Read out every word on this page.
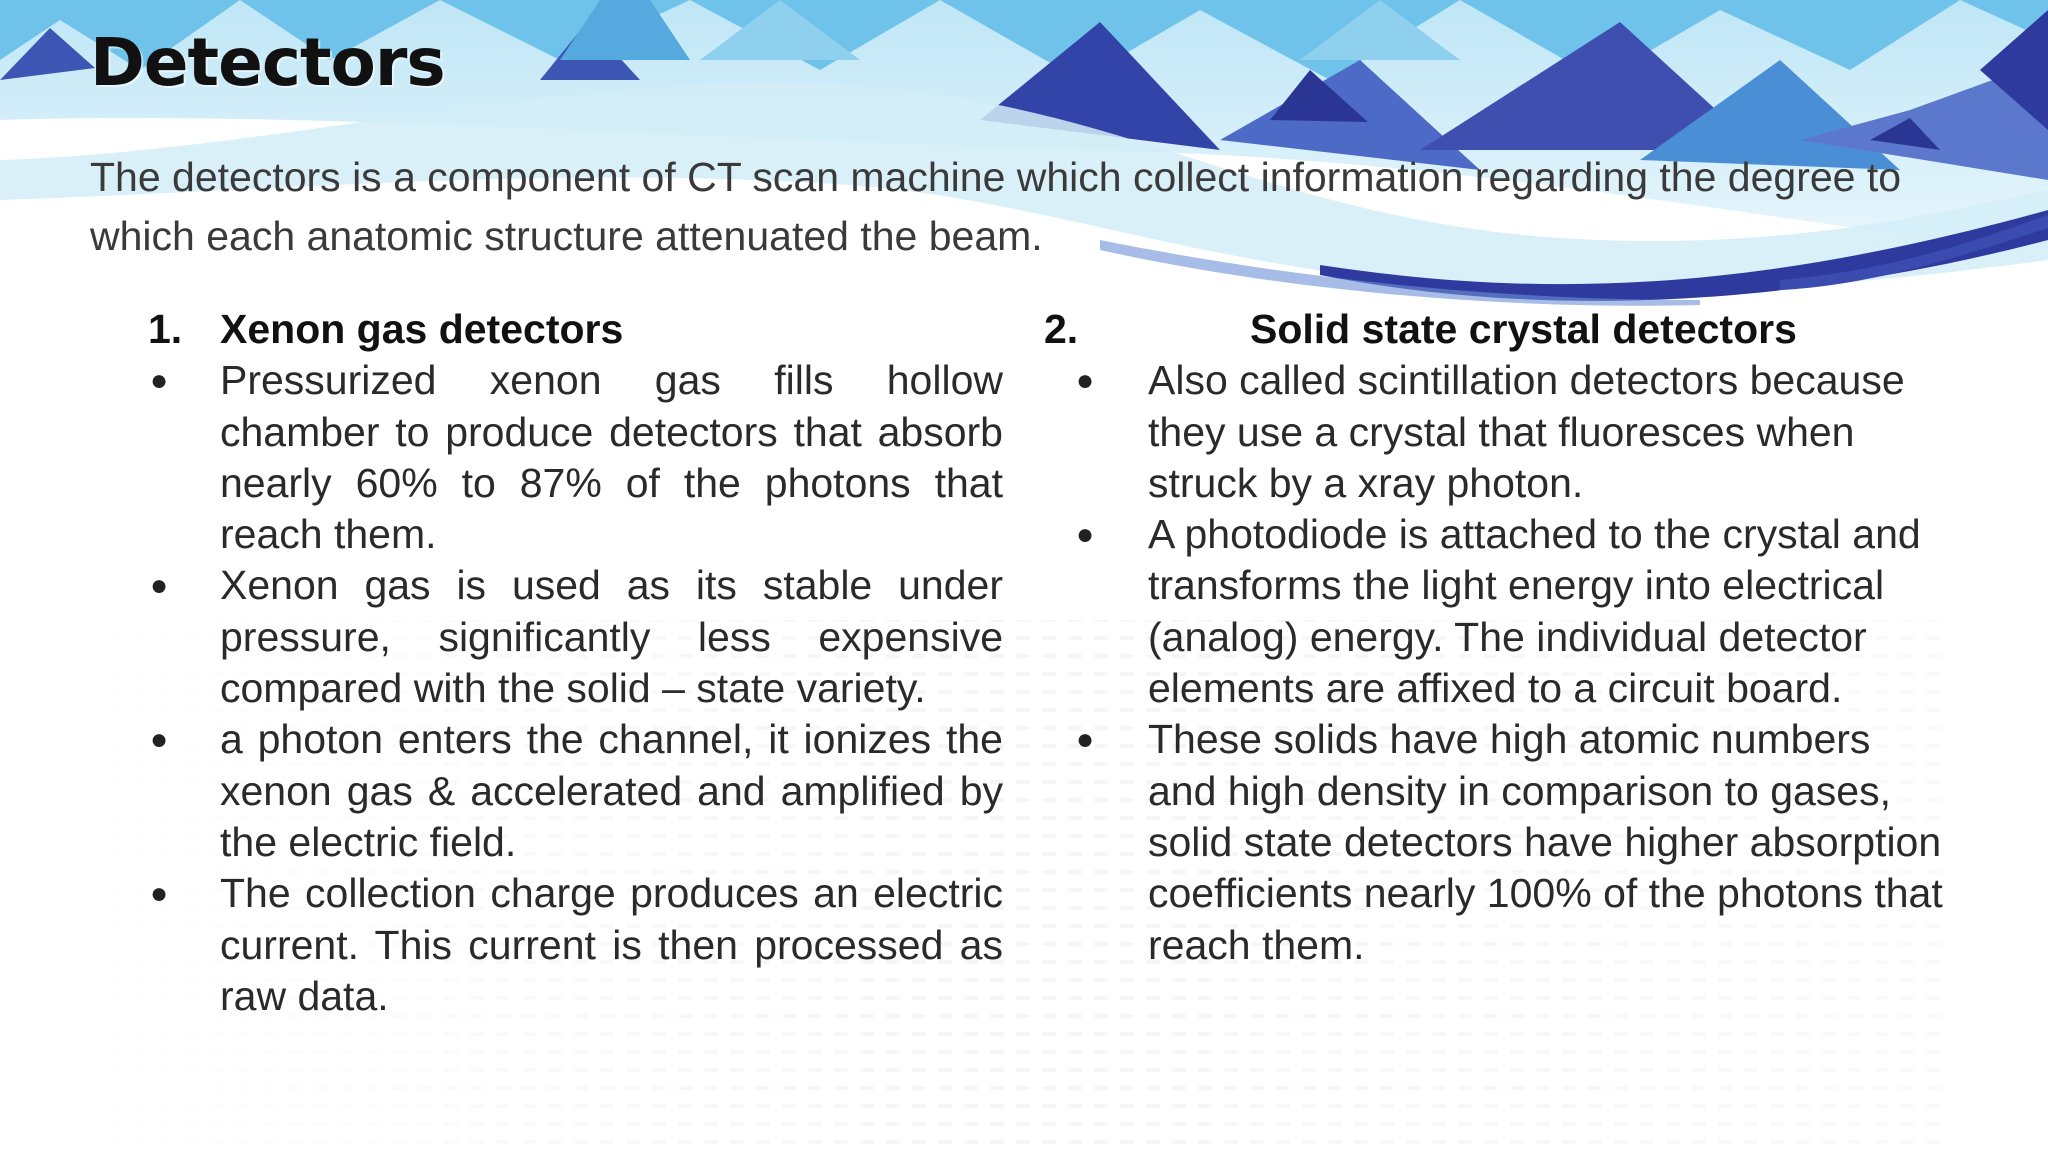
Detectors

The detectors is a component of CT scan machine which collect information regarding the degree to which each anatomic structure attenuated the beam.

1. Xenon gas detectors
● Pressurized xenon gas fills hollow chamber to produce detectors that absorb nearly 60% to 87% of the photons that reach them.
● Xenon gas is used as its stable under pressure, significantly less expensive compared with the solid – state variety.
● a photon enters the channel, it ionizes the xenon gas & accelerated and amplified by the electric field.
● The collection charge produces an electric current. This current is then processed as raw data.
2.	Solid state crystal detectors
● Also called scintillation detectors because they use a crystal that fluoresces when struck by a xray photon.
● A photodiode is attached to the crystal and transforms the light energy into electrical (analog) energy. The individual detector elements are affixed to a circuit board.
● These solids have high atomic numbers and high density in comparison to gases, solid state detectors have higher absorption coefficients nearly 100% of the photons that reach them.
